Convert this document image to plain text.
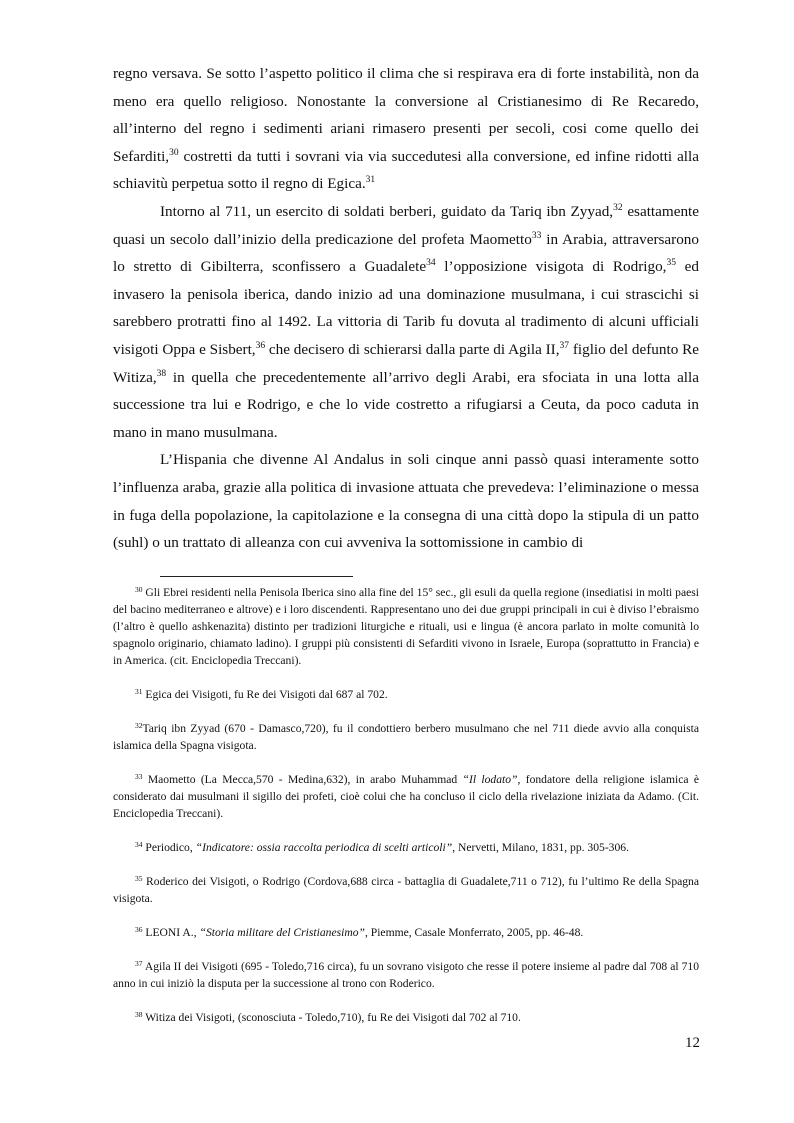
regno versava. Se sotto l’aspetto politico il clima che si respirava era di forte instabilità, non da meno era quello religioso. Nonostante la conversione al Cristianesimo di Re Recaredo, all’interno del regno i sedimenti ariani rimasero presenti per secoli, cosi come quello dei Sefarditi,$^{30}$ costretti da tutti i sovrani via via succedutesi alla conversione, ed infine ridotti alla schiavitù perpetua sotto il regno di Egica.$^{31}$

Intorno al 711, un esercito di soldati berberi, guidato da Tariq ibn Zyyad,$^{32}$ esattamente quasi un secolo dall’inizio della predicazione del profeta Maometto$^{33}$ in Arabia, attraversarono lo stretto di Gibilterra, sconfissero a Guadalete$^{34}$ l’opposizione visigota di Rodrigo,$^{35}$ ed invasero la penisola iberica, dando inizio ad una dominazione musulmana, i cui strascichi si sarebbero protratti fino al 1492. La vittoria di Tarib fu dovuta al tradimento di alcuni ufficiali visigoti Oppa e Sisbert,$^{36}$ che decisero di schierarsi dalla parte di Agila II,$^{37}$ figlio del defunto Re Witiza,$^{38}$ in quella che precedentemente all’arrivo degli Arabi, era sfociata in una lotta alla successione tra lui e Rodrigo, e che lo vide costretto a rifugiarsi a Ceuta, da poco caduta in mano in mano musulmana.

L’Hispania che divenne Al Andalus in soli cinque anni passò quasi interamente sotto l’influenza araba, grazie alla politica di invasione attuata che prevedeva: l’eliminazione o messa in fuga della popolazione, la capitolazione e la consegna di una città dopo la stipula di un patto (suhl) o un trattato di alleanza con cui avveniva la sottomissione in cambio di

$^{30}$ Gli Ebrei residenti nella Penisola Iberica sino alla fine del 15° sec., gli esuli da quella regione (insediatisi in molti paesi del bacino mediterraneo e altrove) e i loro discendenti. Rappresentano uno dei due gruppi principali in cui è diviso l’ebraismo (l’altro è quello ashkenazita) distinto per tradizioni liturgiche e rituali, usi e lingua (è ancora parlato in molte comunità lo spagnolo originario, chiamato ladino). I gruppi più consistenti di Sefarditi vivono in Israele, Europa (soprattutto in Francia) e in America. (cit. Enciclopedia Treccani).

$^{31}$ Egica dei Visigoti, fu Re dei Visigoti dal 687 al 702.

$^{32}$Tariq ibn Zyyad (670 - Damasco,720), fu il condottiero berbero musulmano che nel 711 diede avvio alla conquista islamica della Spagna visigota.

$^{33}$ Maometto (La Mecca,570 - Medina,632), in arabo Muhammad “Il lodato”, fondatore della religione islamica è considerato dai musulmani il sigillo dei profeti, cioè colui che ha concluso il ciclo della rivelazione iniziata da Adamo. (Cit. Enciclopedia Treccani).

$^{34}$ Periodico, “Indicatore: ossia raccolta periodica di scelti articoli”, Nervetti, Milano, 1831, pp. 305-306.

$^{35}$ Roderico dei Visigoti, o Rodrigo (Cordova,688 circa - battaglia di Guadalete,711 o 712), fu l’ultimo Re della Spagna visigota.

$^{36}$ LEONI A., “Storia militare del Cristianesimo”, Piemme, Casale Monferrato, 2005, pp. 46-48.

$^{37}$ Agila II dei Visigoti (695 - Toledo,716 circa), fu un sovrano visigoto che resse il potere insieme al padre dal 708 al 710 anno in cui iniziò la disputa per la successione al trono con Roderico.

$^{38}$ Witiza dei Visigoti, (sconosciuta - Toledo,710), fu Re dei Visigoti dal 702 al 710.

12
